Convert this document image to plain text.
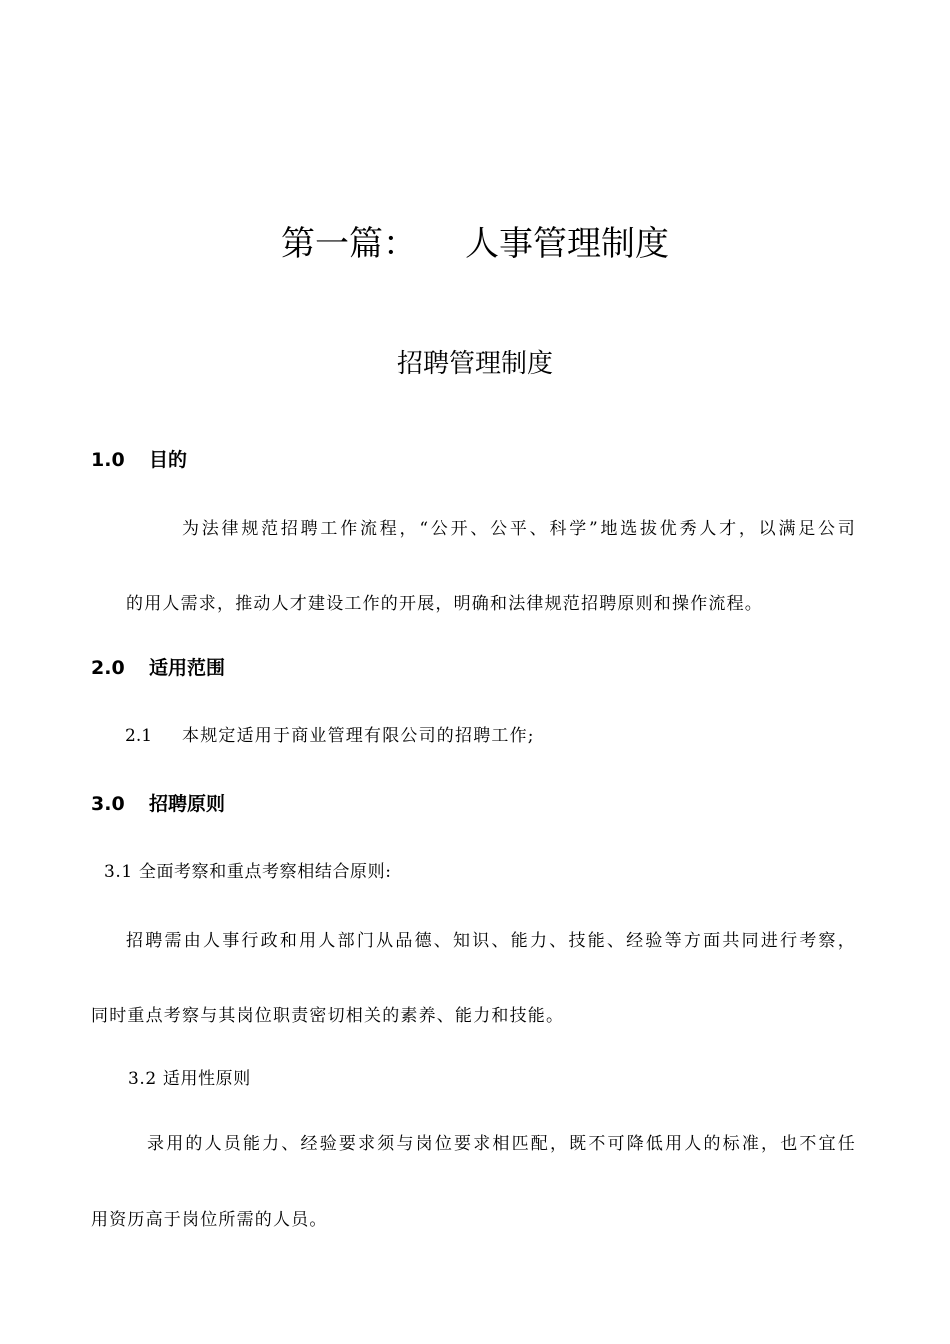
第一篇： 人事管理制度
招聘管理制度
1.0 目的
为法律规范招聘工作流程，“公开、公平、科学”地选拔优秀人才，以满足公司
的用人需求，推动人才建设工作的开展，明确和法律规范招聘原则和操作流程。
2.0 适用范围
2.1 本规定适用于商业管理有限公司的招聘工作;
3.0 招聘原则
3.1 全面考察和重点考察相结合原则:
招聘需由人事行政和用人部门从品德、知识、能力、技能、经验等方面共同进行考察，
同时重点考察与其岗位职责密切相关的素养、能力和技能。
3.2 适用性原则
录用的人员能力、经验要求须与岗位要求相匹配，既不可降低用人的标准，也不宜任
用资历高于岗位所需的人员。
